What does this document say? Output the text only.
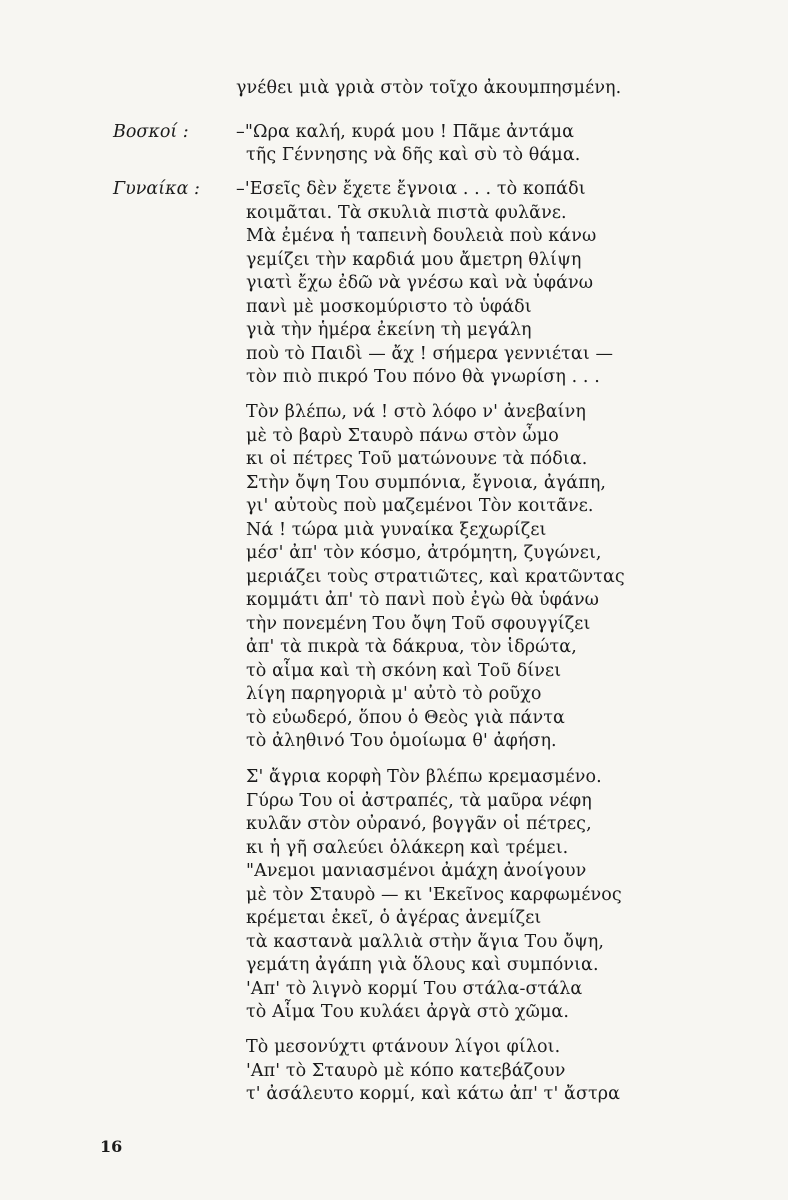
γνέθει μιὰ γριὰ στὸν τοῖχο ἀκουμπησμένη.
Βοσκοί :	–"Ωρα καλή, κυρά μου ! Πᾶμε ἀντάμα
τῆς Γέννησης νὰ δῆς καὶ σὺ τὸ θάμα.
Γυναίκα : –'Εσεῖς δὲν ἔχετε ἔγνοια . . . τὸ κοπάδι
κοιμᾶται. Τὰ σκυλιὰ πιστὰ φυλᾶνε.
Μὰ ἐμένα ἡ ταπεινὴ δουλειὰ ποὺ κάνω
γεμίζει τὴν καρδιά μου ἄμετρη θλίψη
γιατὶ ἔχω ἐδῶ νὰ γνέσω καὶ νὰ ὑφάνω
πανὶ μὲ μοσκομύριστο τὸ ὑφάδι
γιὰ τὴν ἡμέρα ἐκείνη τὴ μεγάλη
ποὺ τὸ Παιδὶ — ἄχ ! σήμερα γεννιέται —
τὸν πιὸ πικρό Του πόνο θὰ γνωρίση . . .
Τὸν βλέπω, νά ! στὸ λόφο ν' ἀνεβαίνη
μὲ τὸ βαρὺ Σταυρὸ πάνω στὸν ὦμο
κι οἱ πέτρες Τοῦ ματώνουνε τὰ πόδια.
Στὴν ὄψη Του συμπόνια, ἔγνοια, ἀγάπη,
γι' αὐτοὺς ποὺ μαζεμένοι Τὸν κοιτᾶνε.
Νά ! τώρα μιὰ γυναίκα ξεχωρίζει
μέσ' ἀπ' τὸν κόσμο, ἀτρόμητη, ζυγώνει,
μεριάζει τοὺς στρατιῶτες, καὶ κρατῶντας
κομμάτι ἀπ' τὸ πανὶ ποὺ ἐγὼ θὰ ὑφάνω
τὴν πονεμένη Του ὄψη Τοῦ σφουγγίζει
ἀπ' τὰ πικρὰ τὰ δάκρυα, τὸν ἱδρώτα,
τὸ αἷμα καὶ τὴ σκόνη καὶ Τοῦ δίνει
λίγη παρηγοριὰ μ' αὐτὸ τὸ ροῦχο
τὸ εὐωδερό, ὅπου ὁ Θεὸς γιὰ πάντα
τὸ ἀληθινό Του ὁμοίωμα θ' ἀφήση.
Σ' ἄγρια κορφὴ Τὸν βλέπω κρεμασμένο.
Γύρω Του οἱ ἀστραπές, τὰ μαῦρα νέφη
κυλᾶν στὸν οὐρανό, βογγᾶν οἱ πέτρες,
κι ἡ γῆ σαλεύει ὁλάκερη καὶ τρέμει.
"Ανεμοι μανιασμένοι ἀμάχη ἀνοίγουν
μὲ τὸν Σταυρὸ — κι 'Εκεῖνος καρφωμένος
κρέμεται ἐκεῖ, ὁ ἀγέρας ἀνεμίζει
τὰ καστανὰ μαλλιὰ στὴν ἅγια Του ὄψη,
γεμάτη ἀγάπη γιὰ ὅλους καὶ συμπόνια.
'Απ' τὸ λιγνὸ κορμί Του στάλα-στάλα
τὸ Αἷμα Του κυλάει ἀργὰ στὸ χῶμα.
Τὸ μεσονύχτι φτάνουν λίγοι φίλοι.
'Απ' τὸ Σταυρὸ μὲ κόπο κατεβάζουν
τ' ἀσάλευτο κορμί, καὶ κάτω ἀπ' τ' ἄστρα
16
